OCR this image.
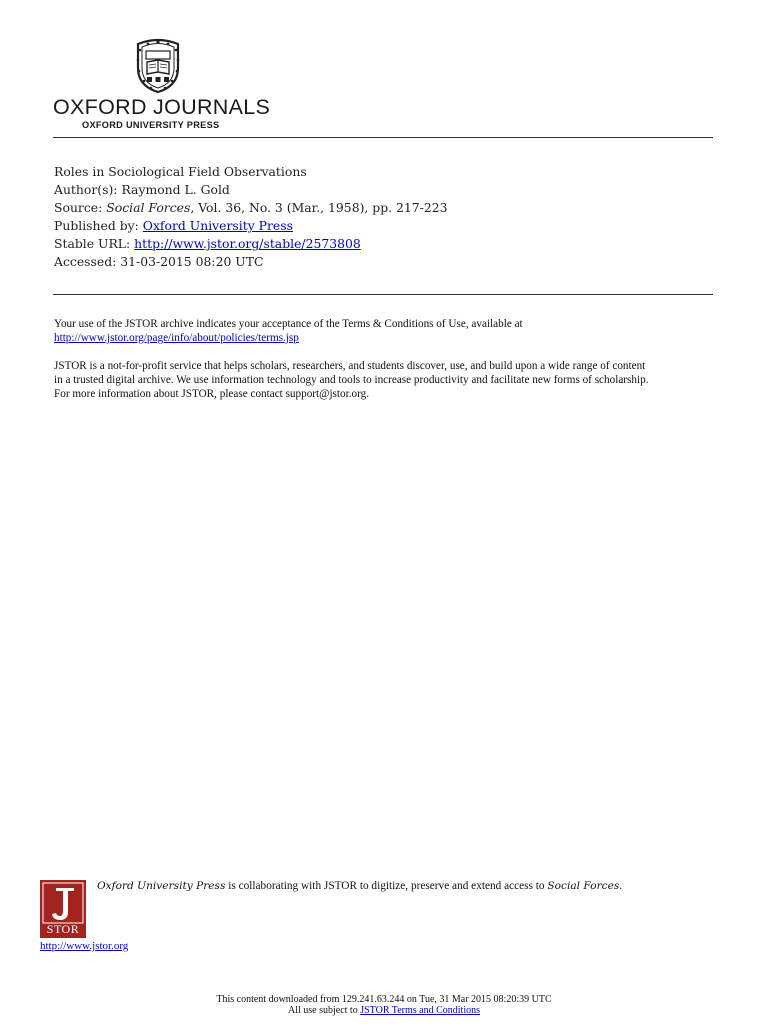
OXFORD JOURNALS
OXFORD UNIVERSITY PRESS
Roles in Sociological Field Observations
Author(s): Raymond L. Gold
Source: Social Forces, Vol. 36, No. 3 (Mar., 1958), pp. 217-223
Published by: Oxford University Press
Stable URL: http://www.jstor.org/stable/2573808
Accessed: 31-03-2015 08:20 UTC
Your use of the JSTOR archive indicates your acceptance of the Terms & Conditions of Use, available at
http://www.jstor.org/page/info/about/policies/terms.jsp
JSTOR is a not-for-profit service that helps scholars, researchers, and students discover, use, and build upon a wide range of content
in a trusted digital archive. We use information technology and tools to increase productivity and facilitate new forms of scholarship.
For more information about JSTOR, please contact support@jstor.org.
STOR
Oxford University Press is collaborating with JSTOR to digitize, preserve and extend access to Social Forces.
http://www.jstor.org
This content downloaded from 129.241.63.244 on Tue, 31 Mar 2015 08:20:39 UTC
All use subject to JSTOR Terms and Conditions
